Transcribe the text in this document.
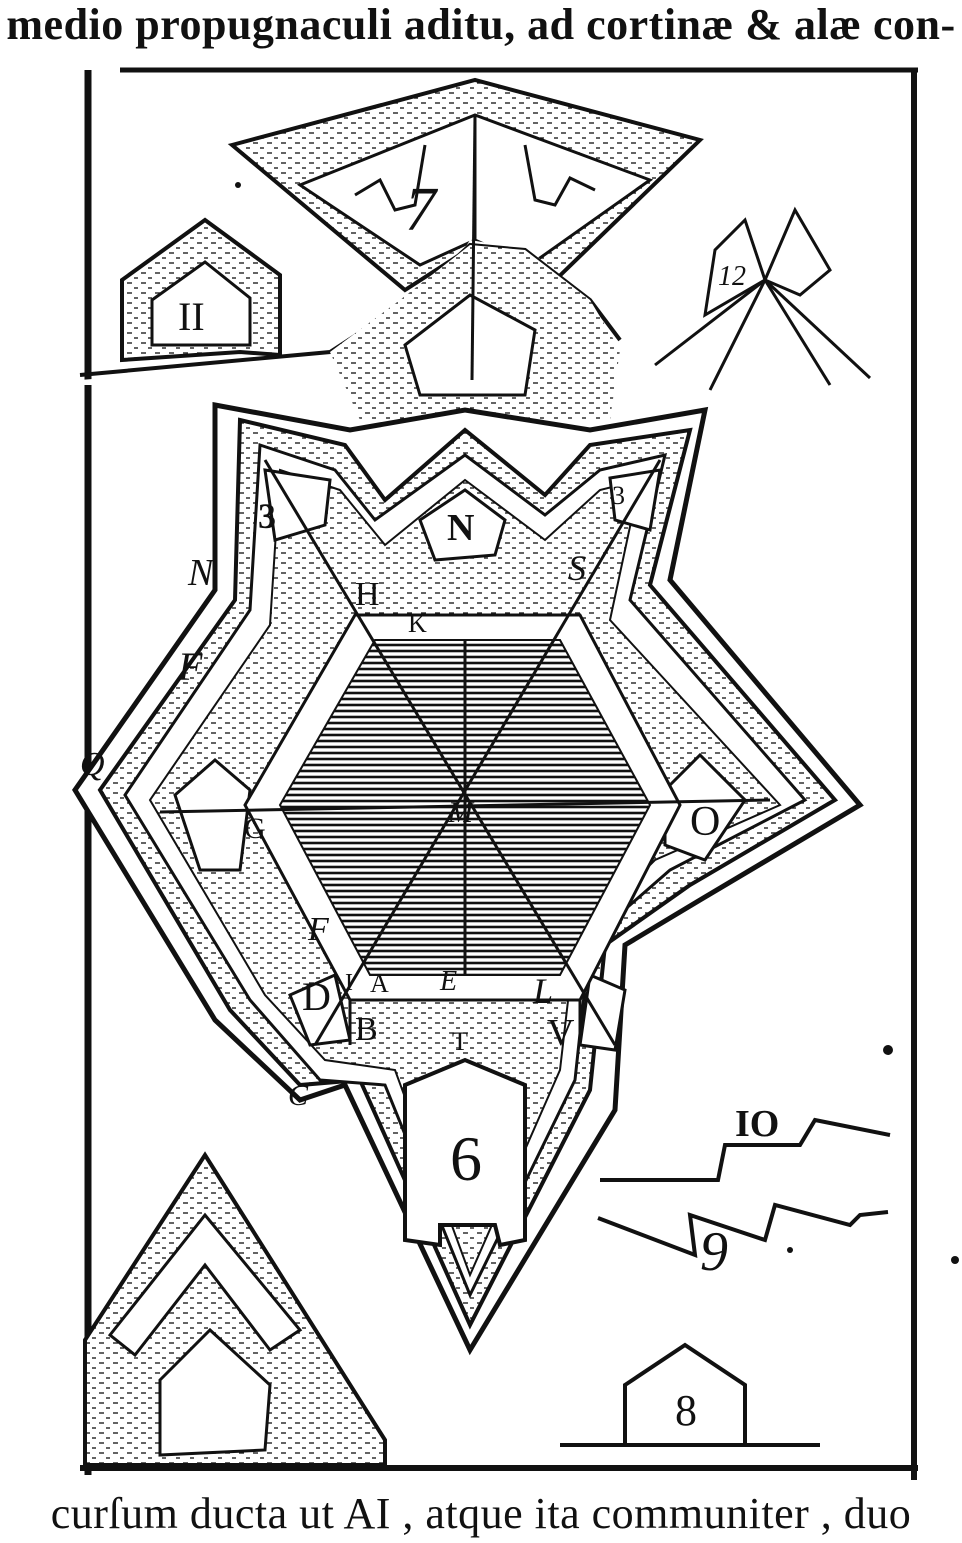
medio propugnaculi aditu, ad cortinæ & alæ con-
7
II
12
6	IO
9
8
N
H
K
S
N
F
Q
G	M	O
F
D I A E L
B	T V
C
3
3
curſum ducta ut AI , atque ita communiter , duo
